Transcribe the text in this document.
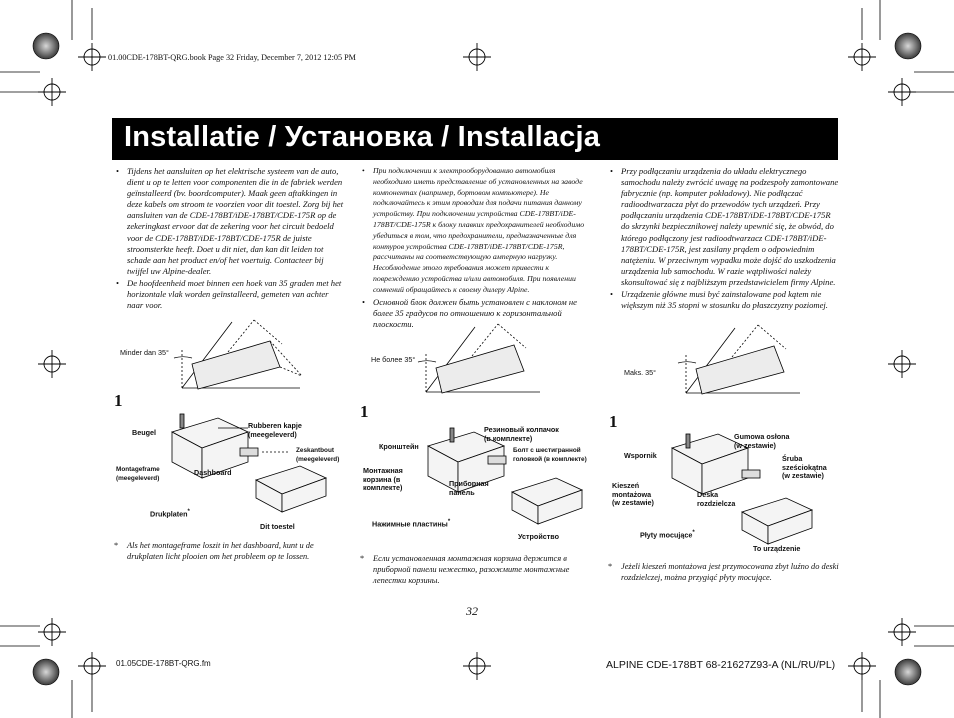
01.00CDE-178BT-QRG.book Page 32 Friday, December 7, 2012 12:05 PM
Installatie / Установка / Installacja
• Tijdens het aansluiten op het elektrische systeem van de auto, dient u op te letten voor componenten die in de fabriek werden geïnstalleerd (bv. boordcomputer). Maak geen aftakkingen in deze kabels om stroom te voorzien voor dit toestel. Zorg bij het aansluiten van de CDE-178BT/iDE-178BT/CDE-175R op de zekeringkast ervoor dat de zekering voor het circuit bedoeld voor de CDE-178BT/iDE-178BT/CDE-175R de juiste stroomsterkte heeft. Doet u dit niet, dan kan dit leiden tot schade aan het product en/of het voertuig. Contacteer bij twijfel uw Alpine-dealer.
• De hoofdeenheid moet binnen een hoek van 35 graden met het horizontale vlak worden geïnstalleerd, gemeten van achter naar voor.
Minder dan 35°
1
Beugel
Rubberen kapje
(meegeleverd)
Zeskantbout
(meegeleverd)
Montageframe
(meegeleverd)
Dashboard
Drukplaten*
Dit toestel
*	Als het montageframe loszit in het dashboard, kunt u de drukplaten licht plooien om het probleem op te lossen.
• При подключении к электрооборудованию автомобиля необходимо иметь представление об установленных на заводе компонентах (например, бортовом компьютере). Не подключайтесь к этим проводам для подачи питания данному устройству. При подключении устройства CDE-178BT/iDE-178BT/CDE-175R к блоку плавких предохранителей необходимо убедиться в том, что предохранители, предназначенные для контуров устройства CDE-178BT/iDE-178BT/CDE-175R, рассчитаны на соответствующую амперную нагрузку. Несоблюдение этого требования может привести к повреждению устройства и/или автомобиля. При появлении сомнений обращайтесь к своему дилеру Alpine.
• Основной блок должен быть установлен с наклоном не более 35 градусов по отношению к горизонтальной плоскости.
Не более 35°
1
Резиновый колпачок
(в комплекте)
Кронштейн	Болт с шестигранной
головкой (в комплекте)
Монтажная
корзина (в
комплекте)	Приборная
панель
Нажимные пластины*
Устройство
*	Если установленная монтажная корзина держится в приборной панели нежестко, разожмите монтажные лепестки корзины.
• Przy podłączaniu urządzenia do układu elektrycznego samochodu należy zwrócić uwagę na podzespoły zamontowane fabrycznie (np. komputer pokładowy). Nie podłączać radioodtwarzacza płyt do przewodów tych urządzeń. Przy podłączaniu urządzenia CDE-178BT/iDE-178BT/CDE-175R do skrzynki bezpiecznikowej należy upewnić się, że obwód, do którego podłączony jest radioodtwarzacz CDE-178BT/iDE-178BT/CDE-175R, jest zasilany prądem o odpowiednim natężeniu. W przeciwnym wypadku może dojść do uszkodzenia urządzenia lub samochodu. W razie wątpliwości należy skonsultować się z najbliższym przedstawicielem firmy Alpine.
• Urządzenie główne musi być zainstalowane pod kątem nie większym niż 35 stopni w stosunku do płaszczyzny poziomej.
Maks. 35°
1
Gumowa osłona
(w zestawie)
Wspornik	Śruba
sześciokątna
(w zestawie)
Kieszeń
montażowa
(w zestawie)
Deska
rozdzielcza
Płyty mocujące*
To urządzenie
*	Jeżeli kieszeń montażowa jest przymocowana zbyt luźno do deski rozdzielczej, można przygiąć płyty mocujące.
32
01.05CDE-178BT-QRG.fm	ALPINE CDE-178BT 68-21627Z93-A (NL/RU/PL)
